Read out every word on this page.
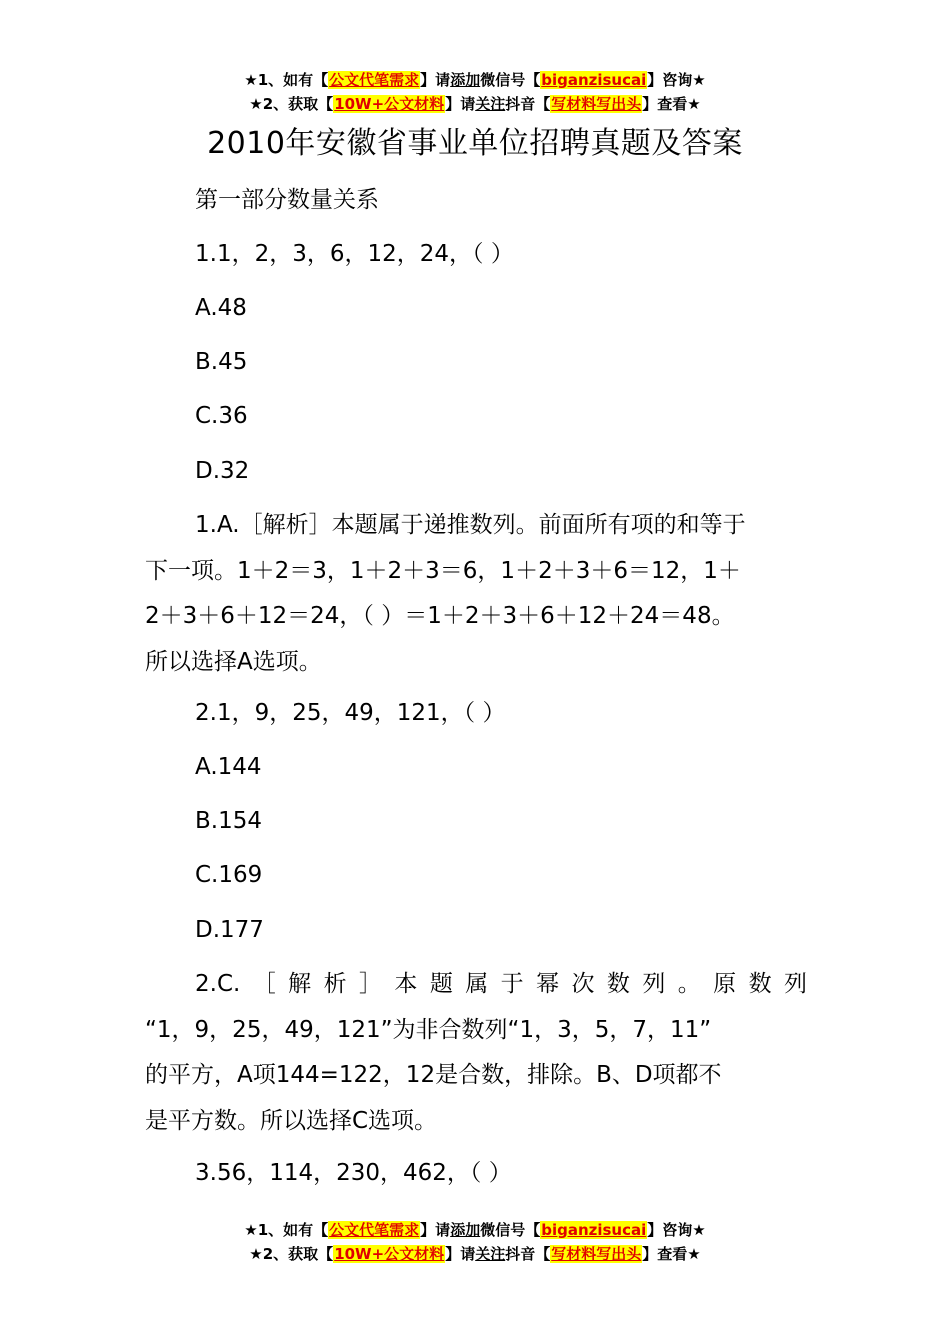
★1、如有【公文代笔需求】请添加微信号【biganzisucai】咨询★
★2、获取【10W+公文材料】请关注抖音【写材料写出头】查看★
2010年安徽省事业单位招聘真题及答案
第一部分数量关系
1.1，2，3，6，12，24，（ ）
A.48
B.45
C.36
D.32
1.A.［解析］本题属于递推数列。前面所有项的和等于
下一项。1＋2＝3，1＋2＋3＝6，1＋2＋3＋6＝12，1＋
2＋3＋6＋12＝24，（ ）＝1＋2＋3＋6＋12＋24＝48。
所以选择A选项。
2.1，9，25，49，121，（ ）
A.144
B.154
C.169
D.177
2.C.［解析］本题属于幂次数列。原数列
“1，9，25，49，121”为非合数列“1，3，5，7，11”
的平方，A项144=122，12是合数，排除。B、D项都不
是平方数。所以选择C选项。
3.56，114，230，462，（ ）
★1、如有【公文代笔需求】请添加微信号【biganzisucai】咨询★
★2、获取【10W+公文材料】请关注抖音【写材料写出头】查看★
